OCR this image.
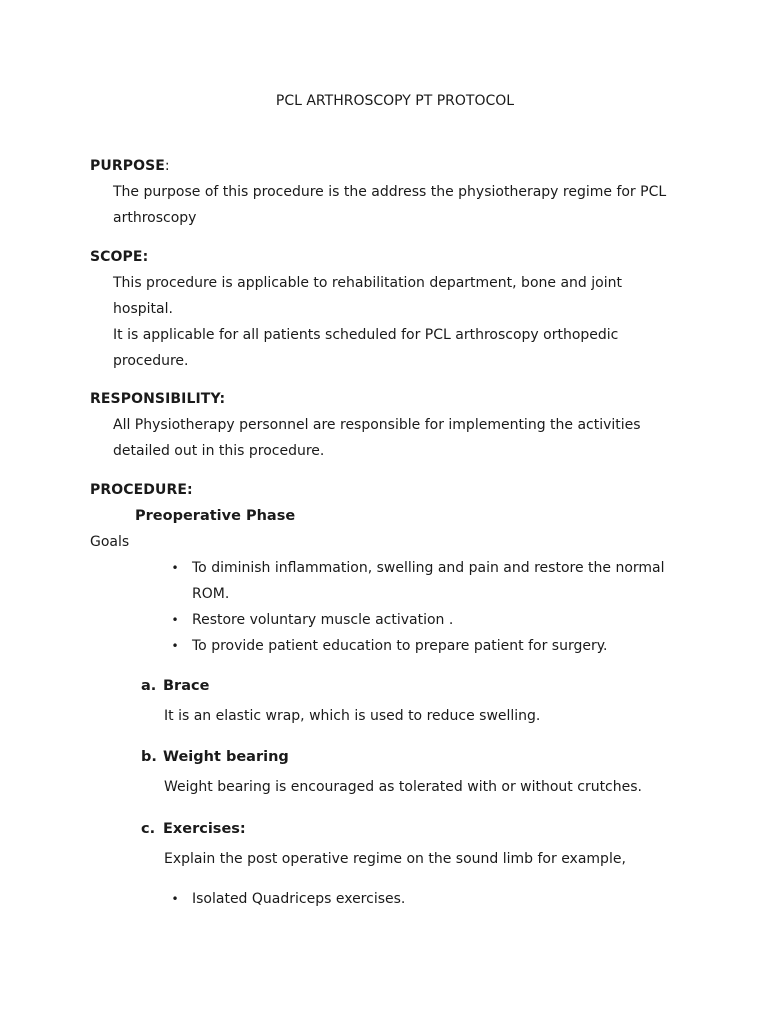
PCL ARTHROSCOPY PT PROTOCOL
PURPOSE:

The purpose of this procedure is the address the physiotherapy regime for PCL arthroscopy

SCOPE:

This procedure is applicable to rehabilitation department, bone and joint hospital.

It is applicable for all patients scheduled for PCL arthroscopy orthopedic procedure.

RESPONSIBILITY:

All Physiotherapy personnel are responsible for implementing the activities detailed out in this procedure.

PROCEDURE:
Preoperative Phase
Goals
• To diminish inflammation, swelling and pain and restore the normal ROM.
• Restore voluntary muscle activation .
• To provide patient education to prepare patient for surgery.
a. Brace
It is an elastic wrap, which is used to reduce swelling.
b. Weight bearing
Weight bearing is encouraged as tolerated with or without crutches.
c. Exercises:
Explain the post operative regime on the sound limb for example,
• Isolated Quadriceps exercises.
